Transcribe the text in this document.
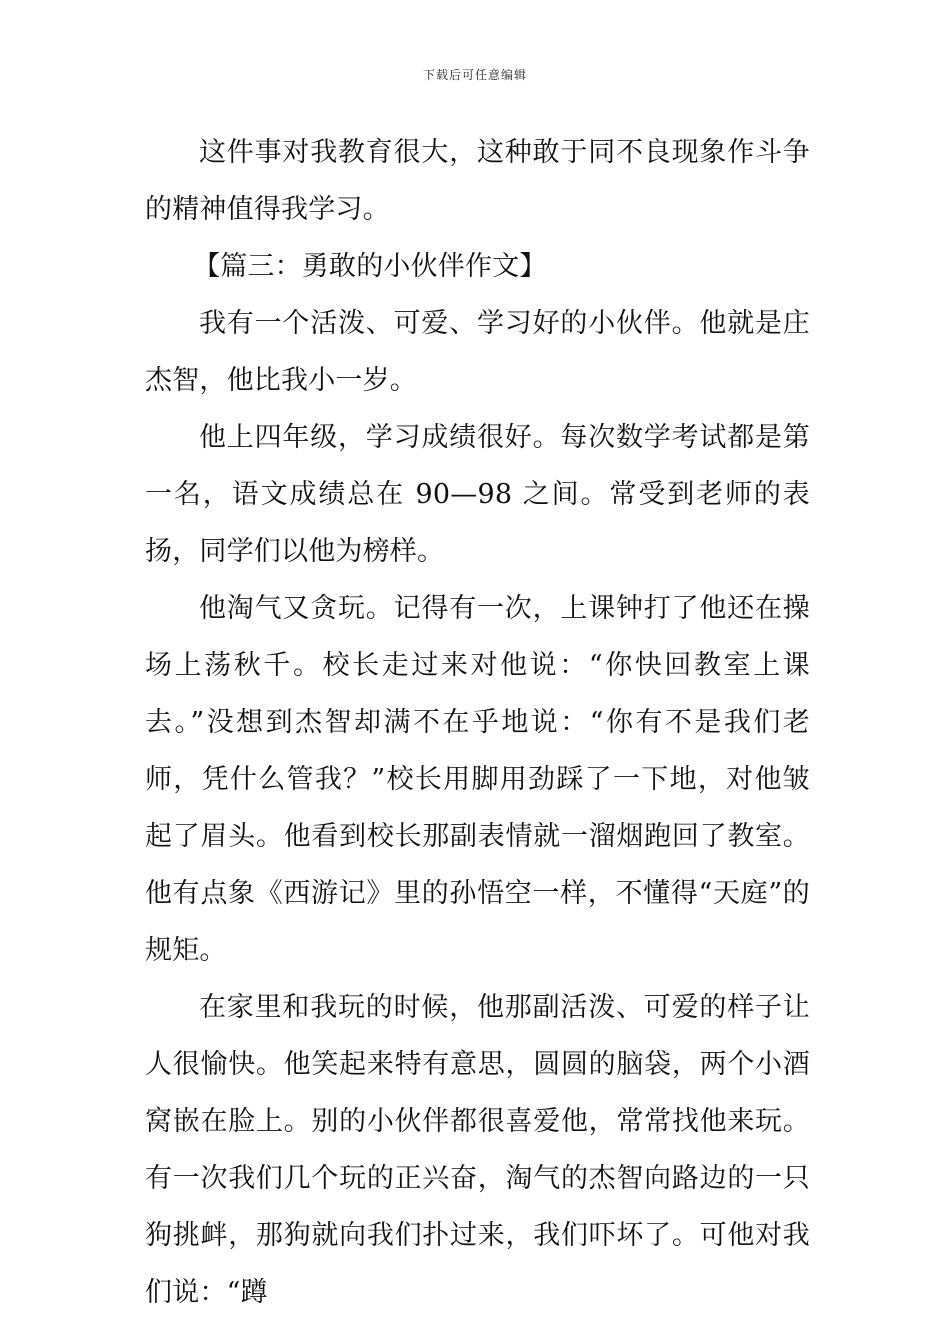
下载后可任意编辑

这件事对我教育很大，这种敢于同不良现象作斗争的精神值得我学习。

【篇三：勇敢的小伙伴作文】

我有一个活泼、可爱、学习好的小伙伴。他就是庄杰智，他比我小一岁。

他上四年级，学习成绩很好。每次数学考试都是第一名，语文成绩总在 90—98 之间。常受到老师的表扬，同学们以他为榜样。

他淘气又贪玩。记得有一次，上课钟打了他还在操场上荡秋千。校长走过来对他说：“你快回教室上课去。”没想到杰智却满不在乎地说：“你有不是我们老师，凭什么管我？”校长用脚用劲踩了一下地，对他皱起了眉头。他看到校长那副表情就一溜烟跑回了教室。他有点象《西游记》里的孙悟空一样，不懂得“天庭”的规矩。

在家里和我玩的时候，他那副活泼、可爱的样子让人很愉快。他笑起来特有意思，圆圆的脑袋，两个小酒窝嵌在脸上。别的小伙伴都很喜爱他，常常找他来玩。有一次我们几个玩的正兴奋，淘气的杰智向路边的一只狗挑衅，那狗就向我们扑过来，我们吓坏了。可他对我们说：“蹲
